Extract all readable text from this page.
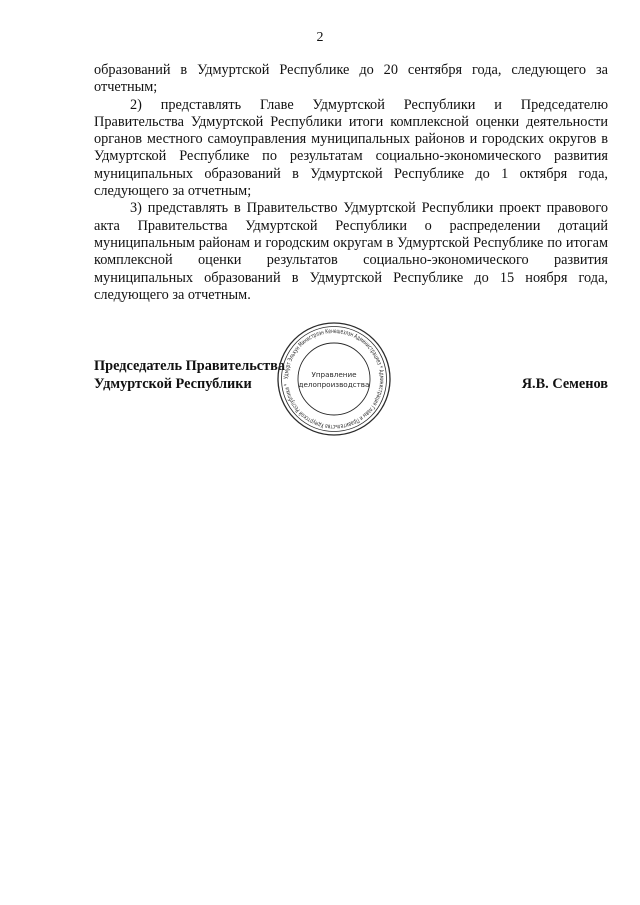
2

образований в Удмуртской Республике до 20 сентября года, следующего за отчетным;

2) представлять Главе Удмуртской Республики и Председателю Правительства Удмуртской Республики итоги комплексной оценки деятельности органов местного самоуправления муниципальных районов и городских округов в Удмуртской Республике по результатам социально-экономического развития муниципальных образований в Удмуртской Республике до 1 октября года, следующего за отчетным;

3) представлять в Правительство Удмуртской Республики проект правового акта Правительства Удмуртской Республики о распределении дотаций муниципальным районам и городским округам в Удмуртской Республике по итогам комплексной оценки результатов социально-экономического развития муниципальных образований в Удмуртской Республике до 15 ноября года, следующего за отчетным.

Председатель Правительства
Удмуртской Республики	Я.В. Семенов
Удмурт Элькун Министрлэн Кенешезлэн Администрациез * Администрация Главы и Правительства Удмуртской Республики *
Управление
делопроизводства
